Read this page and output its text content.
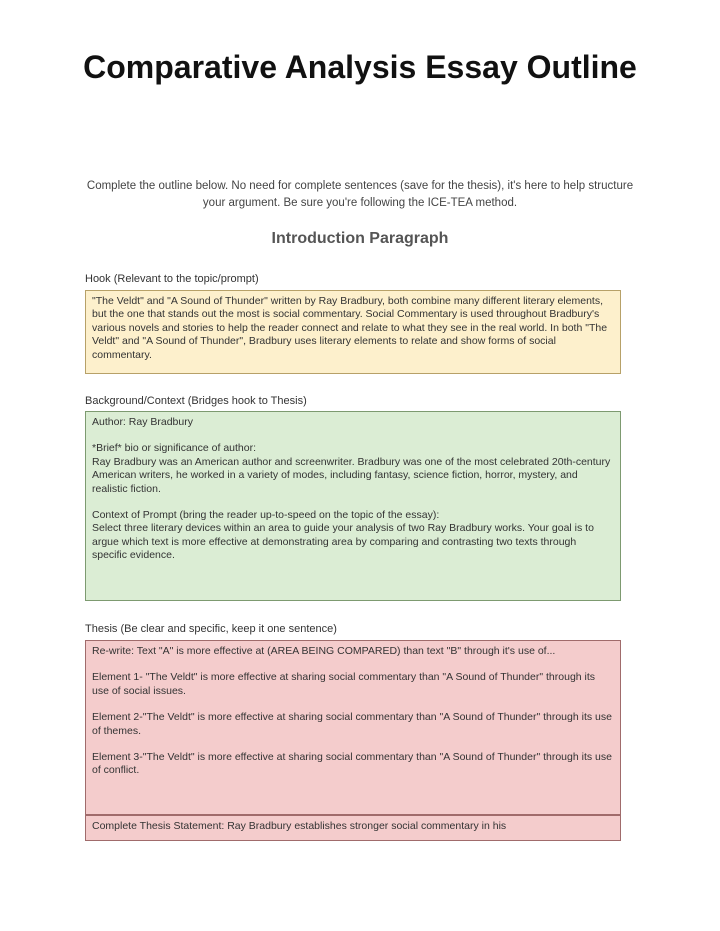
Comparative Analysis Essay Outline
Complete the outline below. No need for complete sentences (save for the thesis), it's here to help structure your argument. Be sure you're following the ICE-TEA method.
Introduction Paragraph
Hook (Relevant to the topic/prompt)

"The Veldt" and "A Sound of Thunder" written by Ray Bradbury, both combine many different literary elements, but the one that stands out the most is social commentary. Social Commentary is used throughout Bradbury's various novels and stories to help the reader connect and relate to what they see in the real world. In both "The Veldt" and "A Sound of Thunder", Bradbury uses literary elements to relate and show forms of social commentary.

Background/Context (Bridges hook to Thesis)

Author: Ray Bradbury

*Brief* bio or significance of author:
Ray Bradbury was an American author and screenwriter. Bradbury was one of the most celebrated 20th-century American writers, he worked in a variety of modes, including fantasy, science fiction, horror, mystery, and realistic fiction.

Context of Prompt (bring the reader up-to-speed on the topic of the essay):
Select three literary devices within an area to guide your analysis of two Ray Bradbury works. Your goal is to argue which text is more effective at demonstrating area by comparing and contrasting two texts through specific evidence.

Thesis (Be clear and specific, keep it one sentence)

Re-write: Text "A" is more effective at (AREA BEING COMPARED) than text "B" through it's use of...

Element 1- "The Veldt" is more effective at sharing social commentary than "A Sound of Thunder" through its use of social issues.

Element 2-"The Veldt" is more effective at sharing social commentary than "A Sound of Thunder" through its use of themes.

Element 3-"The Veldt" is more effective at sharing social commentary than "A Sound of Thunder" through its use of conflict.

Complete Thesis Statement: Ray Bradbury establishes stronger social commentary in his
